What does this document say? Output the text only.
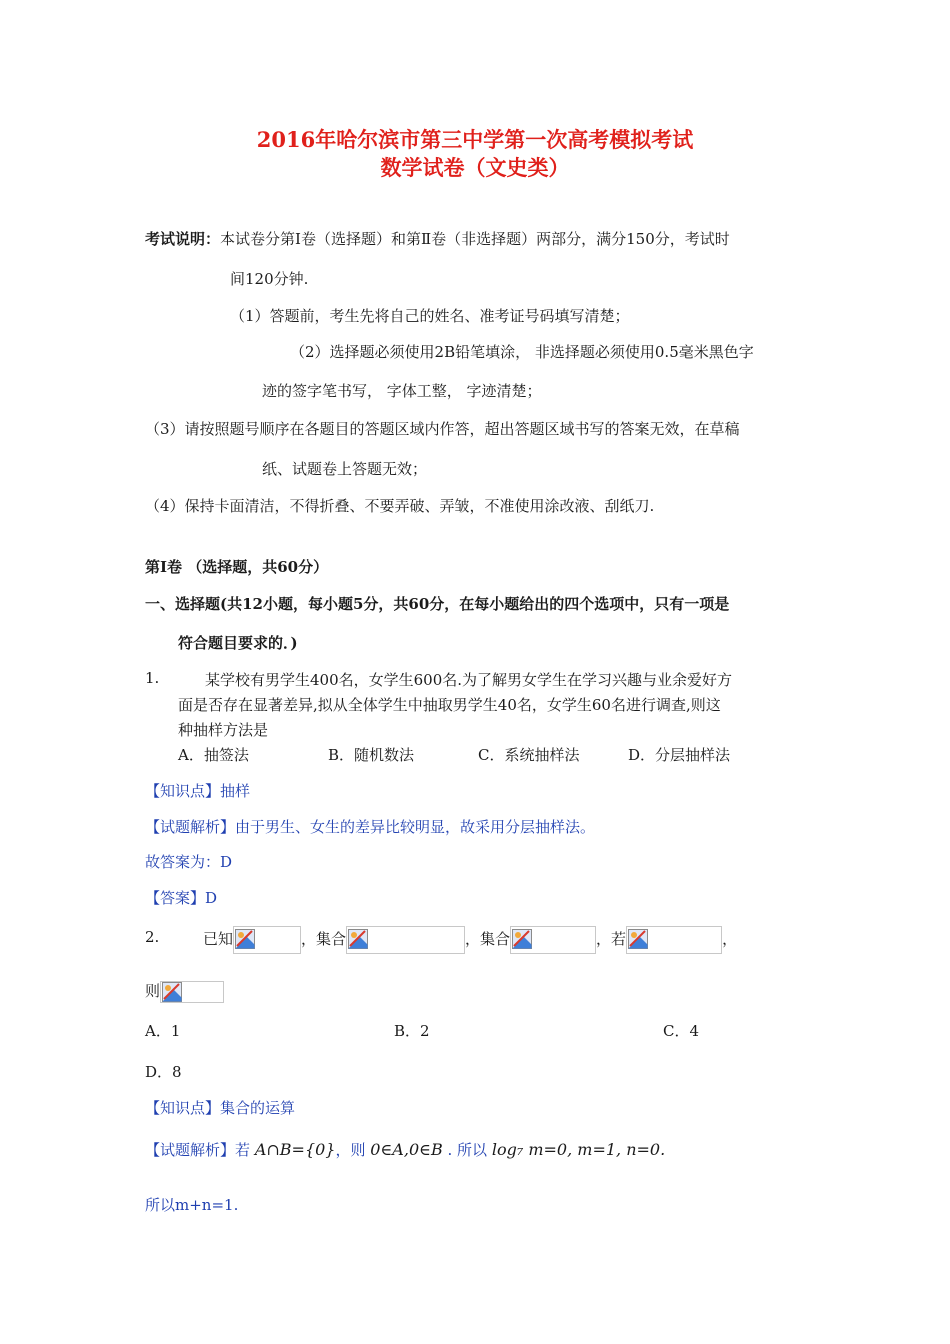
2016年哈尔滨市第三中学第一次高考模拟考试
数学试卷（文史类）
考试说明：本试卷分第Ⅰ卷（选择题）和第Ⅱ卷（非选择题）两部分，满分150分，考试时
间120分钟.
（1）答题前，考生先将自己的姓名、准考证号码填写清楚；
（2）选择题必须使用2B铅笔填涂， 非选择题必须使用0.5毫米黑色字
迹的签字笔书写， 字体工整， 字迹清楚；
（3）请按照题号顺序在各题目的答题区域内作答，超出答题区域书写的答案无效，在草稿
纸、试题卷上答题无效；
（4）保持卡面清洁，不得折叠、不要弄破、弄皱，不准使用涂改液、刮纸刀.
第Ⅰ卷 （选择题，共60分）
一、选择题(共12小题，每小题5分，共60分，在每小题给出的四个选项中，只有一项是
符合题目要求的．)
1.	某学校有男学生400名，女学生600名.为了解男女学生在学习兴趣与业余爱好方
面是否存在显著差异,拟从全体学生中抽取男学生40名，女学生60名进行调查,则这
种抽样方法是
A．抽签法	B．随机数法	C．系统抽样法	D．分层抽样法
【知识点】抽样
【试题解析】由于男生、女生的差异比较明显，故采用分层抽样法。
故答案为：D
【答案】D
2.	已知	，集合	，集合	，若	，
则
A．1	B．2	C．4
D．8
【知识点】集合的运算
【试题解析】若 A∩B={0}，则 0∈A,0∈B . 所以 log₇ m=0, m=1, n=0.
所以m+n=1.
